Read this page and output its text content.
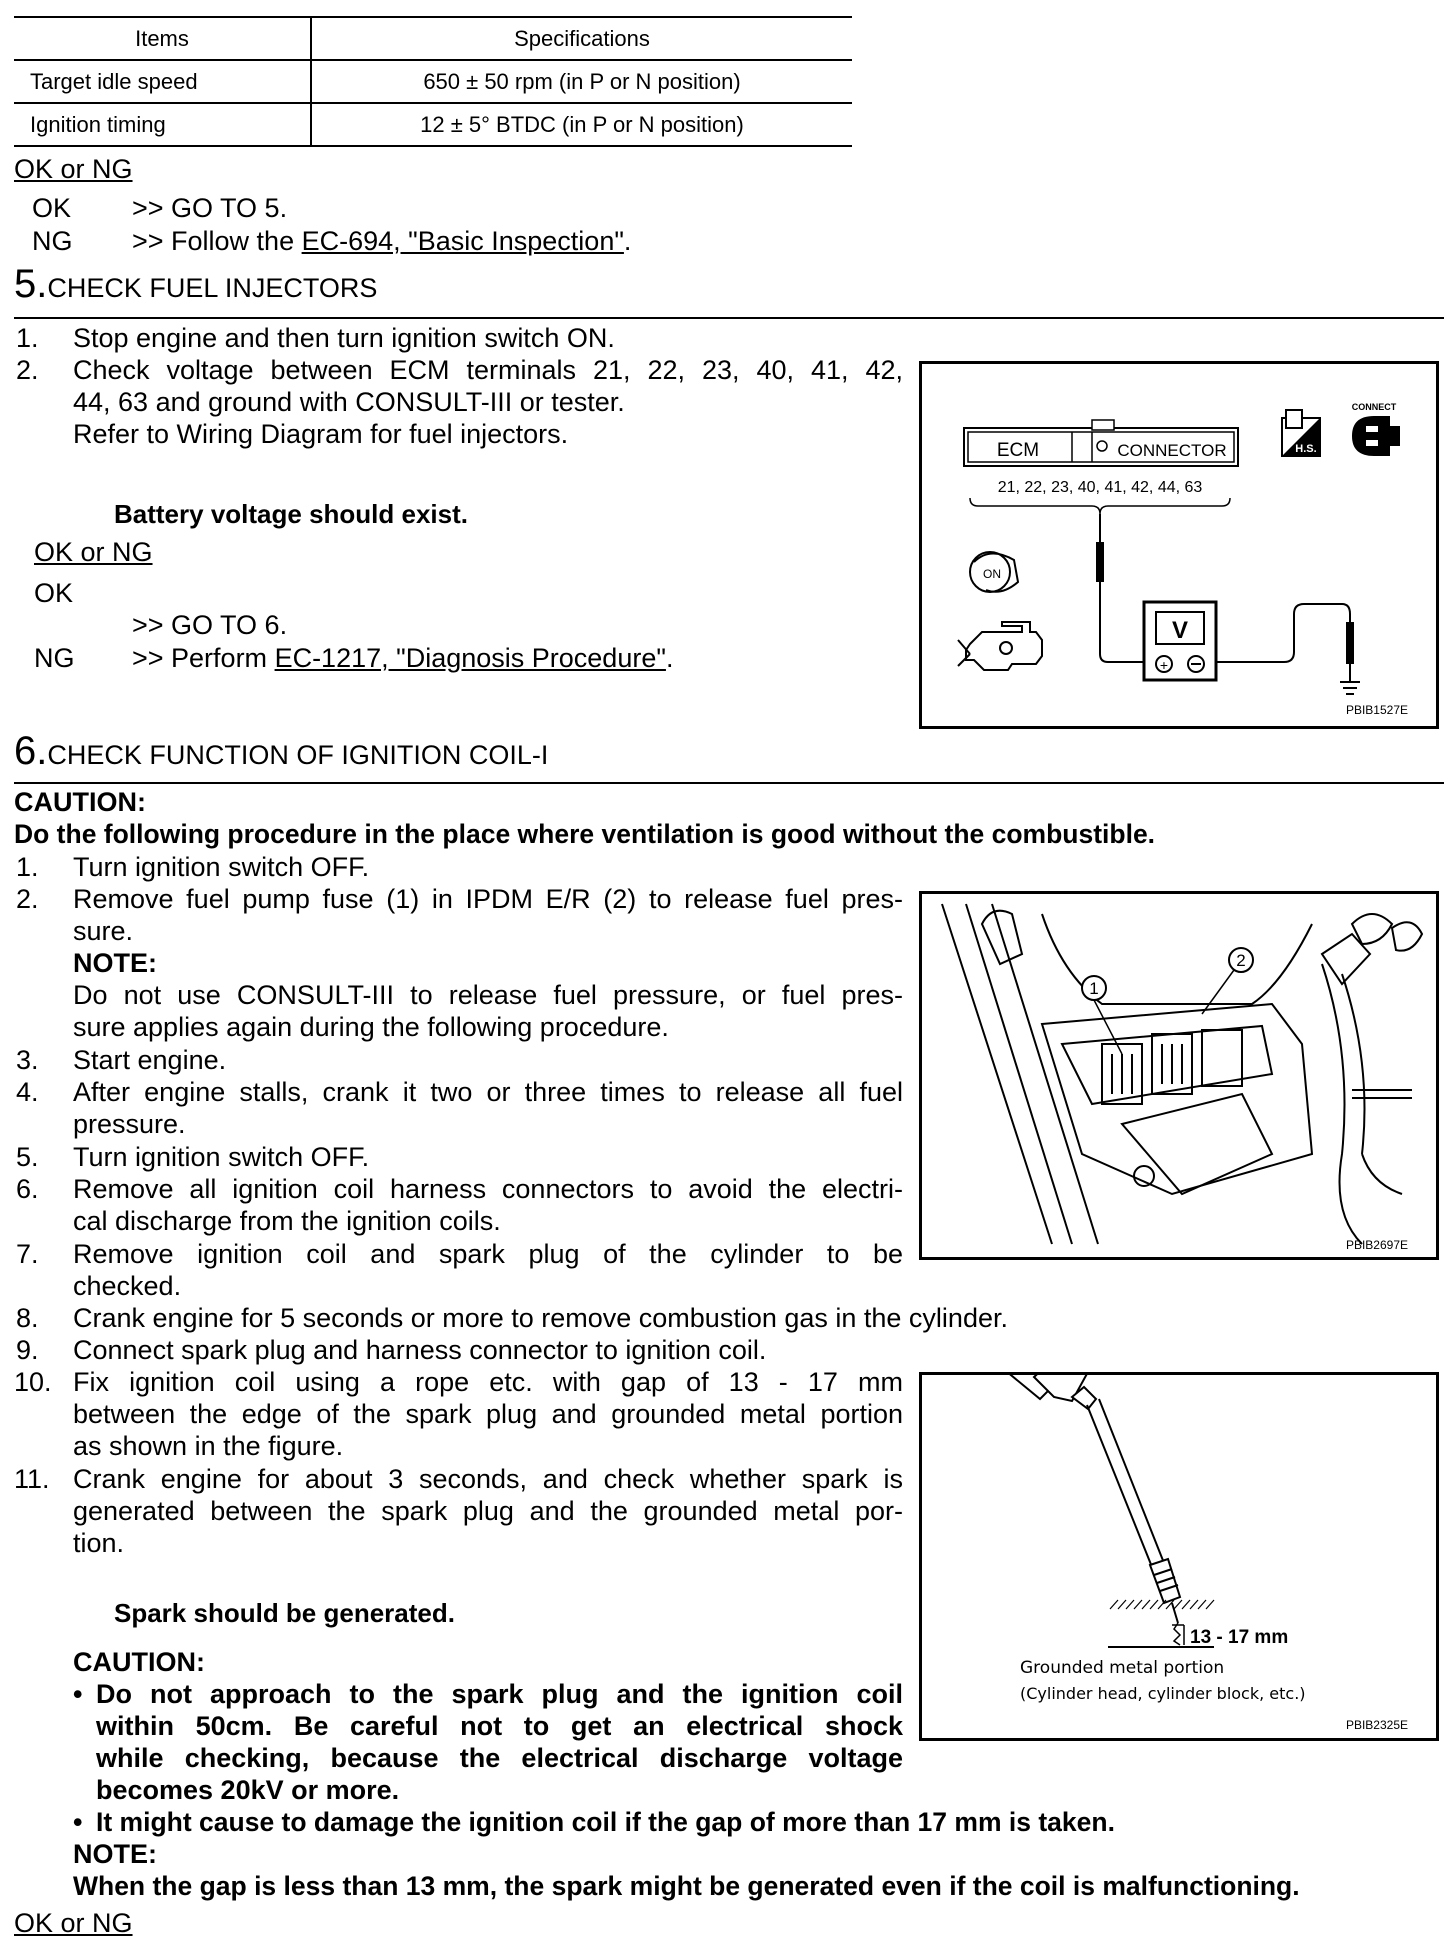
Items	Specifications
Target idle speed	650 ± 50 rpm (in P or N position)
Ignition timing	12 ± 5° BTDC (in P or N position)
OK or NG
OK >> GO TO 5.
NG >> Follow the EC-694, "Basic Inspection".
5.CHECK FUEL INJECTORS
1. Stop engine and then turn ignition switch ON.
2. Check voltage between ECM terminals 21, 22, 23, 40, 41, 42,
44, 63 and ground with CONSULT-III or tester.
Refer to Wiring Diagram for fuel injectors.
Battery voltage should exist.
OK or NG
OK
>> GO TO 6.
NG >> Perform EC-1217, "Diagnosis Procedure".
ECM	CONNECTOR
21, 22, 23, 40, 41, 42, 44, 63
V
+
H.S.
CONNECT
ON
PBIB1527E
6.CHECK FUNCTION OF IGNITION COIL-I
CAUTION:
Do the following procedure in the place where ventilation is good without the combustible.
1. Turn ignition switch OFF.
2. Remove fuel pump fuse (1) in IPDM E/R (2) to release fuel pres-
sure.
NOTE:
Do not use CONSULT-III to release fuel pressure, or fuel pres-
sure applies again during the following procedure.
3. Start engine.
4. After engine stalls, crank it two or three times to release all fuel
pressure.
5. Turn ignition switch OFF.
6. Remove all ignition coil harness connectors to avoid the electri-
cal discharge from the ignition coils.
7. Remove ignition coil and spark plug of the cylinder to be
checked.
8. Crank engine for 5 seconds or more to remove combustion gas in the cylinder.
9. Connect spark plug and harness connector to ignition coil.
10. Fix ignition coil using a rope etc. with gap of 13 - 17 mm
between the edge of the spark plug and grounded metal portion
as shown in the figure.
11. Crank engine for about 3 seconds, and check whether spark is
generated between the spark plug and the grounded metal por-
tion.
Spark should be generated.
CAUTION:
• Do not approach to the spark plug and the ignition coil
within 50cm. Be careful not to get an electrical shock
while checking, because the electrical discharge voltage
becomes 20kV or more.
• It might cause to damage the ignition coil if the gap of more than 17 mm is taken.
NOTE:
When the gap is less than 13 mm, the spark might be generated even if the coil is malfunctioning.
OK or NG
1
2
PBIB2697E
13 - 17 mm
Grounded metal portion
(Cylinder head, cylinder block, etc.)
PBIB2325E
